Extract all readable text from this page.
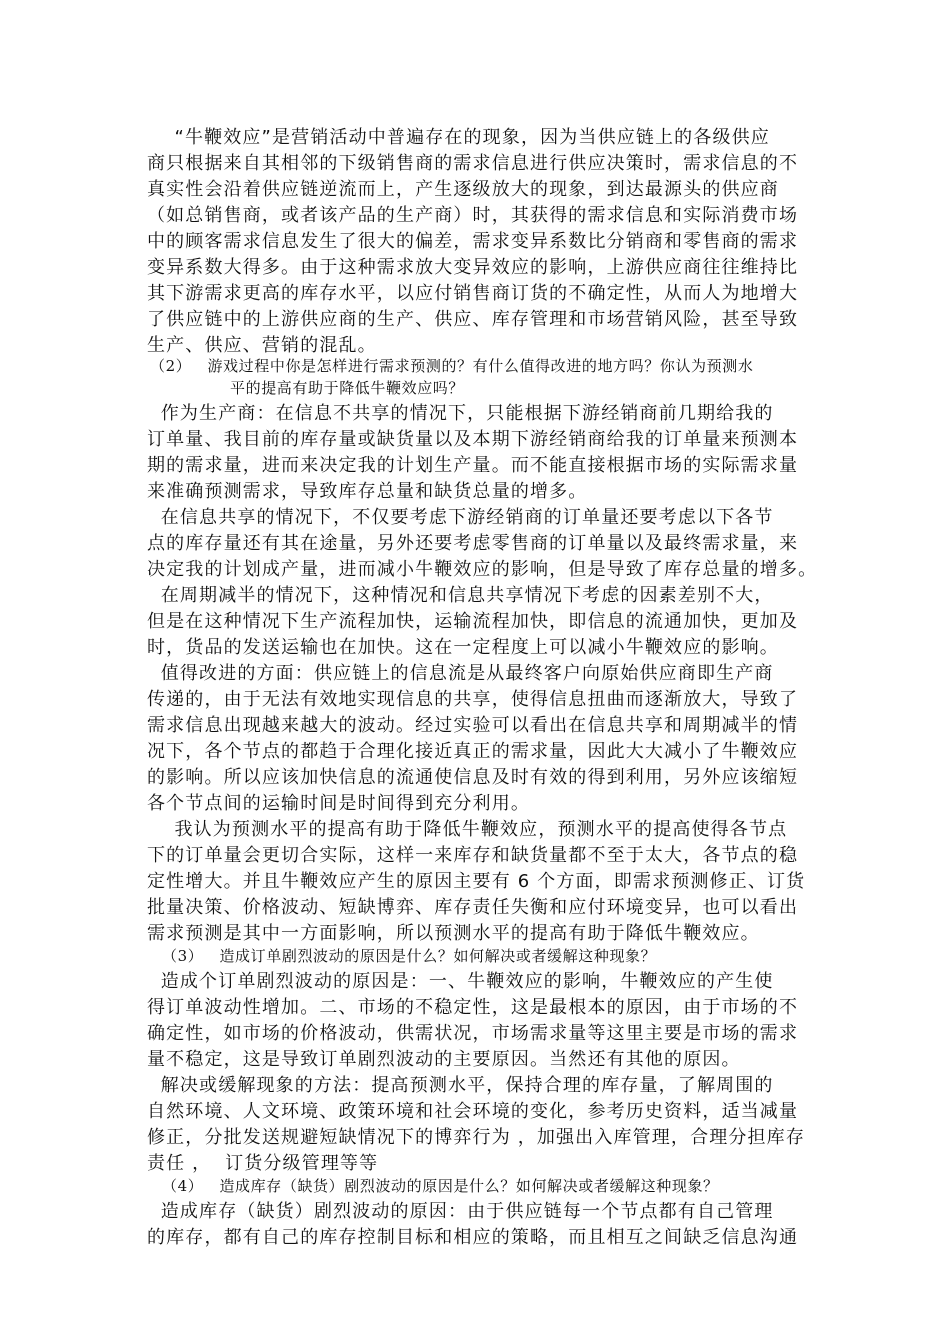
“牛鞭效应”是营销活动中普遍存在的现象，因为当供应链上的各级供应

商只根据来自其相邻的下级销售商的需求信息进行供应决策时，需求信息的不

真实性会沿着供应链逆流而上，产生逐级放大的现象，到达最源头的供应商

（如总销售商，或者该产品的生产商）时，其获得的需求信息和实际消费市场

中的顾客需求信息发生了很大的偏差，需求变异系数比分销商和零售商的需求

变异系数大得多。由于这种需求放大变异效应的影响，上游供应商往往维持比

其下游需求更高的库存水平，以应付销售商订货的不确定性，从而人为地增大

了供应链中的上游供应商的生产、供应、库存管理和市场营销风险，甚至导致

生产、供应、营销的混乱。

（2）   游戏过程中你是怎样进行需求预测的？有什么值得改进的地方吗？你认为预测水

平的提高有助于降低牛鞭效应吗？

作为生产商：在信息不共享的情况下，只能根据下游经销商前几期给我的

订单量、我目前的库存量或缺货量以及本期下游经销商给我的订单量来预测本

期的需求量，进而来决定我的计划生产量。而不能直接根据市场的实际需求量

来准确预测需求，导致库存总量和缺货总量的增多。

在信息共享的情况下，不仅要考虑下游经销商的订单量还要考虑以下各节

点的库存量还有其在途量，另外还要考虑零售商的订单量以及最终需求量，来

决定我的计划成产量，进而减小牛鞭效应的影响，但是导致了库存总量的增多。

在周期减半的情况下，这种情况和信息共享情况下考虑的因素差别不大，

但是在这种情况下生产流程加快，运输流程加快，即信息的流通加快，更加及

时，货品的发送运输也在加快。这在一定程度上可以减小牛鞭效应的影响。

值得改进的方面：供应链上的信息流是从最终客户向原始供应商即生产商

传递的，由于无法有效地实现信息的共享，使得信息扭曲而逐渐放大，导致了

需求信息出现越来越大的波动。经过实验可以看出在信息共享和周期减半的情

况下，各个节点的都趋于合理化接近真正的需求量，因此大大减小了牛鞭效应

的影响。所以应该加快信息的流通使信息及时有效的得到利用，另外应该缩短

各个节点间的运输时间是时间得到充分利用。

我认为预测水平的提高有助于降低牛鞭效应，预测水平的提高使得各节点

下的订单量会更切合实际，这样一来库存和缺货量都不至于太大，各节点的稳

定性增大。并且牛鞭效应产生的原因主要有 6 个方面，即需求预测修正、订货

批量决策、价格波动、短缺博弈、库存责任失衡和应付环境变异，也可以看出

需求预测是其中一方面影响，所以预测水平的提高有助于降低牛鞭效应。

（3）   造成订单剧烈波动的原因是什么？如何解决或者缓解这种现象？

造成个订单剧烈波动的原因是：一、牛鞭效应的影响，牛鞭效应的产生使

得订单波动性增加。二、市场的不稳定性，这是最根本的原因，由于市场的不

确定性，如市场的价格波动，供需状况，市场需求量等这里主要是市场的需求

量不稳定，这是导致订单剧烈波动的主要原因。当然还有其他的原因。

解决或缓解现象的方法：提高预测水平，保持合理的库存量，了解周围的

自然环境、人文环境、政策环境和社会环境的变化，参考历史资料，适当减量

修正，分批发送规避短缺情况下的博弈行为 ，加强出入库管理，合理分担库存

责任 ，  订货分级管理等等

（4）   造成库存（缺货）剧烈波动的原因是什么？如何解决或者缓解这种现象？

造成库存（缺货）剧烈波动的原因：由于供应链每一个节点都有自己管理

的库存，都有自己的库存控制目标和相应的策略，而且相互之间缺乏信息沟通
